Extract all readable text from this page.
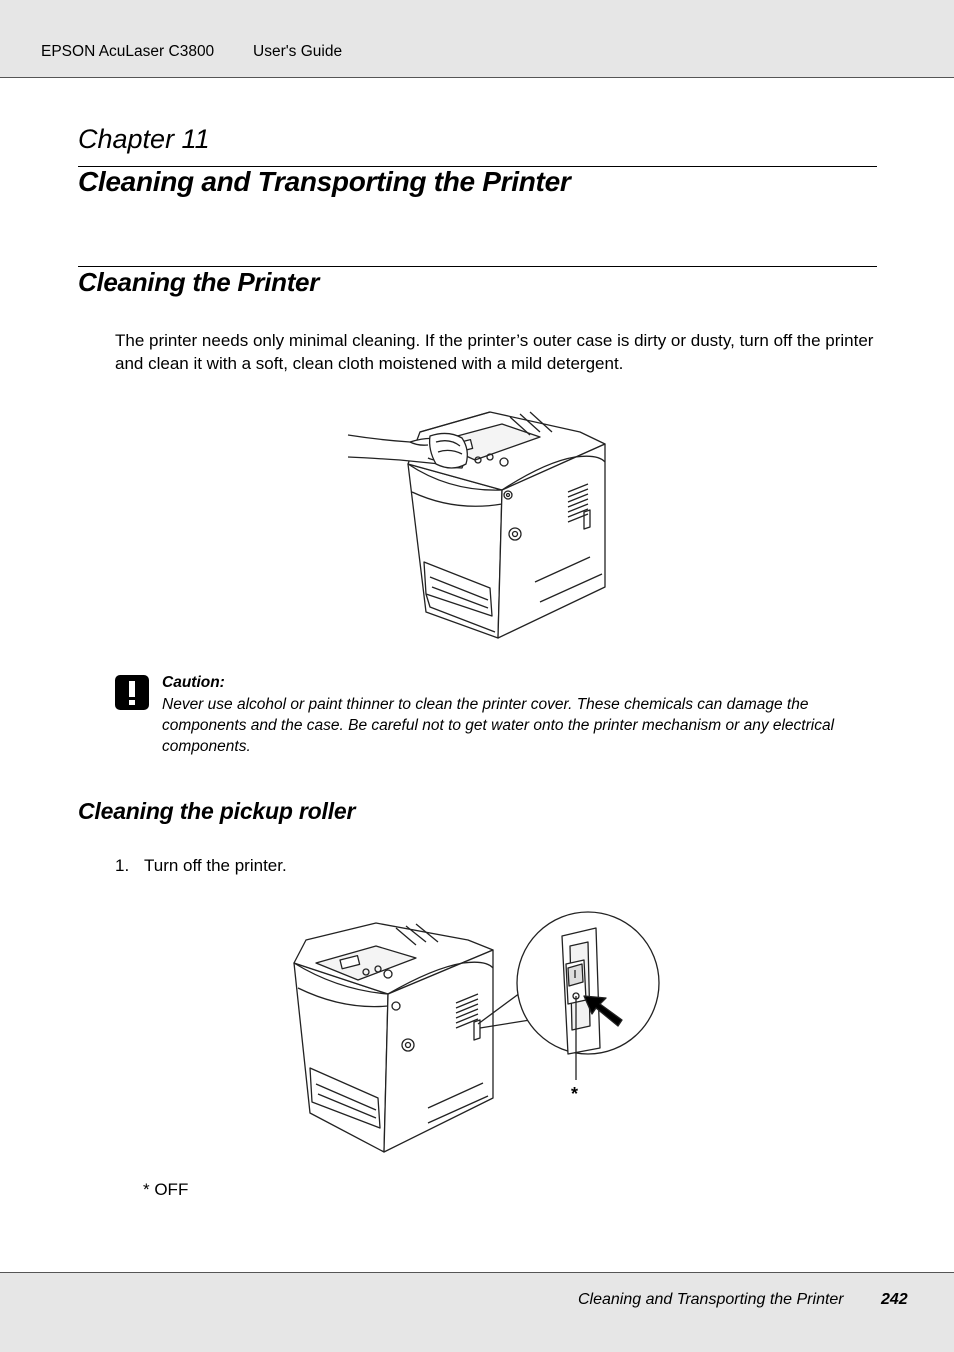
EPSON AcuLaser C3800	User's Guide
Chapter 11
Cleaning and Transporting the Printer
Cleaning the Printer
The printer needs only minimal cleaning. If the printer’s outer case is dirty or dusty, turn off the printer and clean it with a soft, clean cloth moistened with a mild detergent.
Caution:
Never use alcohol or paint thinner to clean the printer cover. These chemicals can damage the components and the case. Be careful not to get water onto the printer mechanism or any electrical components.
Cleaning the pickup roller
1. Turn off the printer.
*
* OFF
Cleaning and Transporting the Printer 242
